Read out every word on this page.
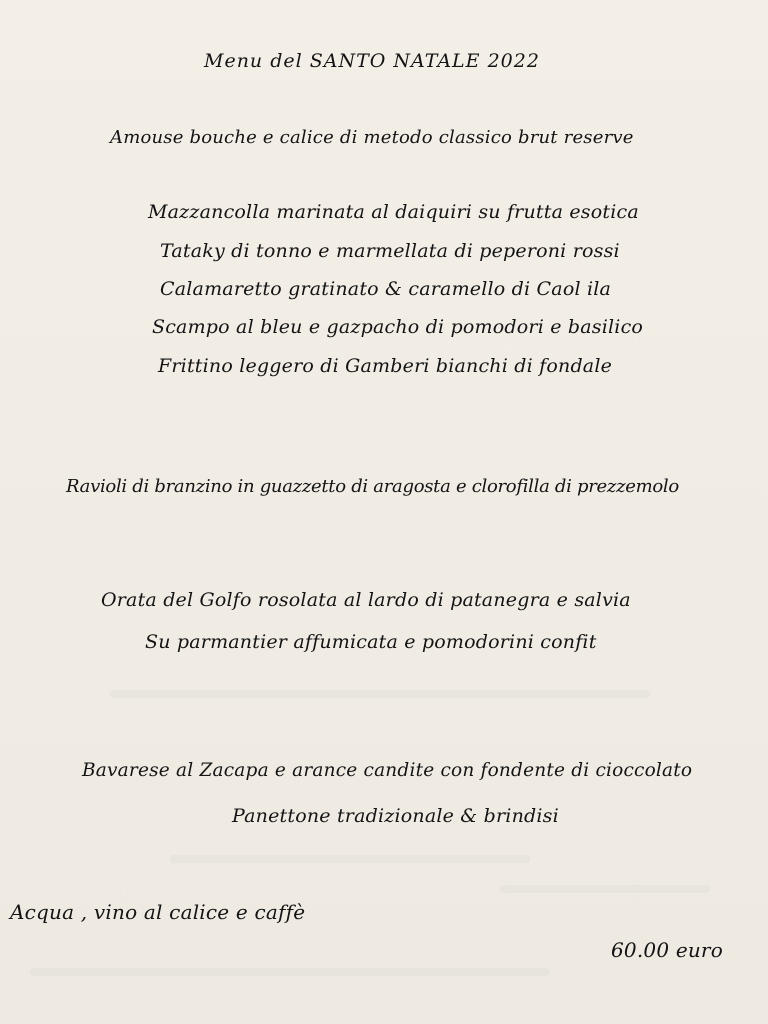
Menu del SANTO NATALE 2022
Amouse bouche e calice di metodo classico brut reserve
Mazzancolla marinata al daiquiri su frutta esotica
Tataky di tonno e marmellata di peperoni rossi
Calamaretto gratinato & caramello di Caol ila
Scampo al bleu e gazpacho di pomodori e basilico
Frittino leggero di Gamberi bianchi di fondale
Ravioli di branzino in guazzetto di aragosta e clorofilla di prezzemolo
Orata del Golfo rosolata al lardo di patanegra e salvia
Su parmantier affumicata e pomodorini confit
Bavarese al Zacapa e arance candite con fondente di cioccolato
Panettone tradizionale & brindisi
Acqua , vino al calice e caffè
60.00 euro
